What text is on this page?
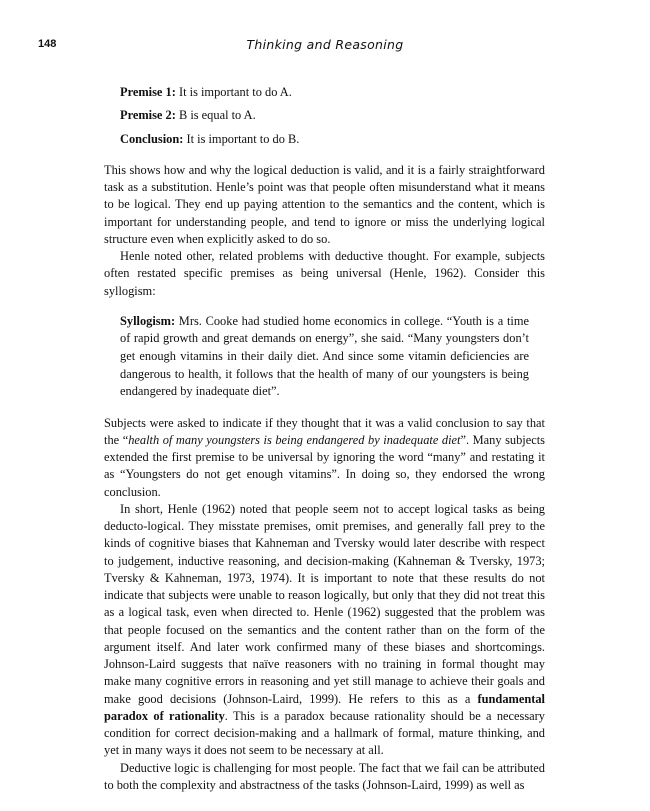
148	Thinking and Reasoning
Premise 1: It is important to do A.
Premise 2: B is equal to A.
Conclusion: It is important to do B.

This shows how and why the logical deduction is valid, and it is a fairly straightforward task as a substitution. Henle’s point was that people often misunderstand what it means to be logical. They end up paying attention to the semantics and the content, which is important for understanding people, and tend to ignore or miss the underlying logical structure even when explicitly asked to do so.

Henle noted other, related problems with deductive thought. For example, subjects often restated specific premises as being universal (Henle, 1962). Consider this syllogism:

Syllogism: Mrs. Cooke had studied home economics in college. “Youth is a time of rapid growth and great demands on energy”, she said. “Many youngsters don’t get enough vitamins in their daily diet. And since some vitamin deficiencies are dangerous to health, it follows that the health of many of our youngsters is being endangered by inadequate diet”.

Subjects were asked to indicate if they thought that it was a valid conclusion to say that the “health of many youngsters is being endangered by inadequate diet”. Many subjects extended the first premise to be universal by ignoring the word “many” and restating it as “Youngsters do not get enough vitamins”. In doing so, they endorsed the wrong conclusion.

In short, Henle (1962) noted that people seem not to accept logical tasks as being deducto-logical. They misstate premises, omit premises, and generally fall prey to the kinds of cognitive biases that Kahneman and Tversky would later describe with respect to judgement, inductive reasoning, and decision-making (Kahneman & Tversky, 1973; Tversky & Kahneman, 1973, 1974). It is important to note that these results do not indicate that subjects were unable to reason logically, but only that they did not treat this as a logical task, even when directed to. Henle (1962) suggested that the problem was that people focused on the semantics and the content rather than on the form of the argument itself. And later work confirmed many of these biases and shortcomings. Johnson-Laird suggests that naïve reasoners with no training in formal thought may make many cognitive errors in reasoning and yet still manage to achieve their goals and make good decisions (Johnson-Laird, 1999). He refers to this as a fundamental paradox of rationality. This is a paradox because rationality should be a necessary condition for correct decision-making and a hallmark of formal, mature thinking, and yet in many ways it does not seem to be necessary at all.

Deductive logic is challenging for most people. The fact that we fail can be attributed to both the complexity and abstractness of the tasks (Johnson-Laird, 1999) as well as
